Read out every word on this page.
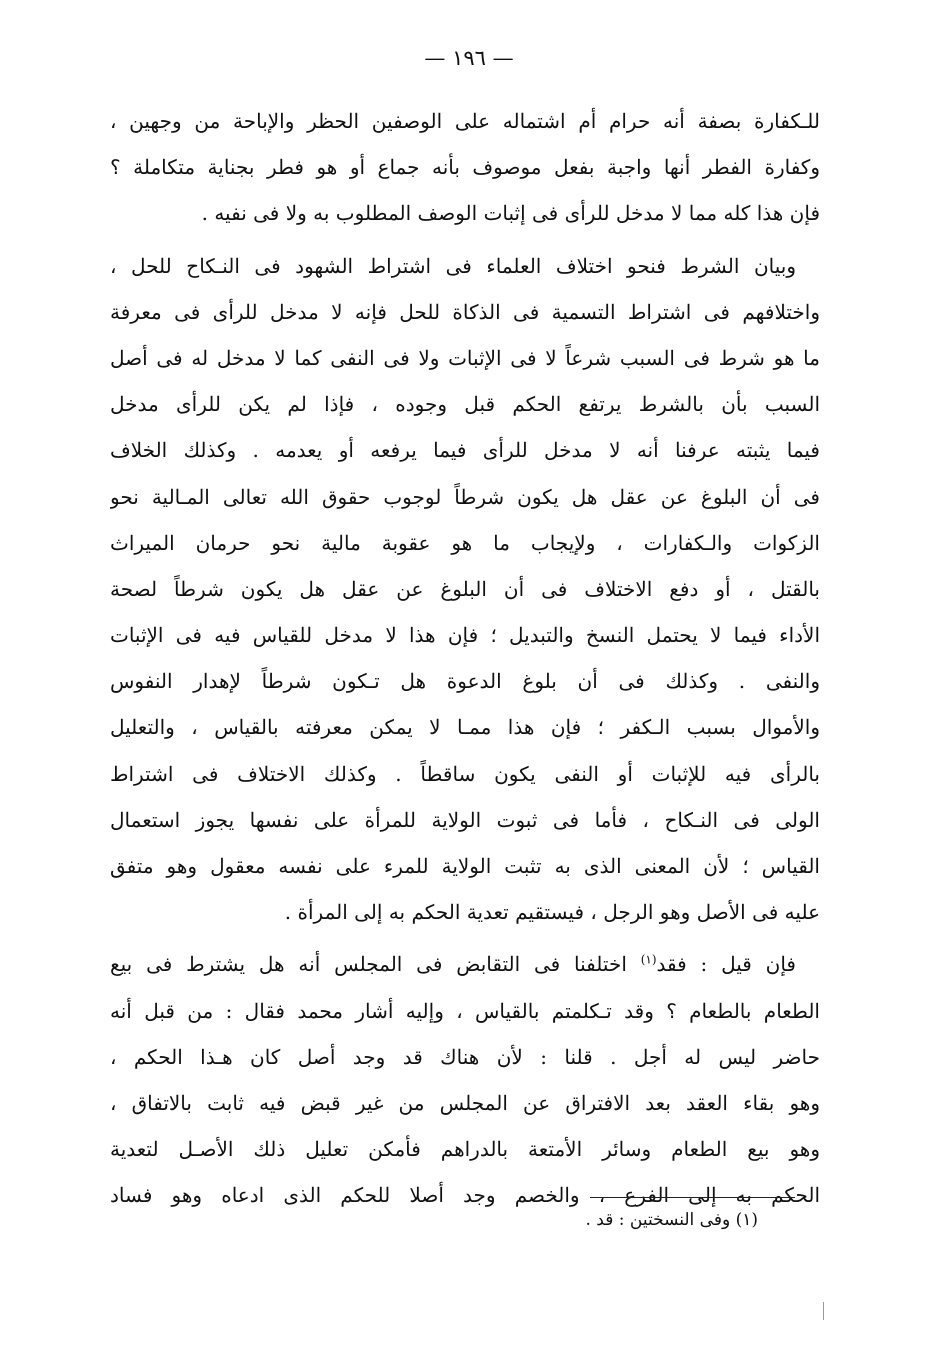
— ١٩٦ —
للـكفارة بصفة أنه حرام أم اشتماله على الوصفين الحظر والإباحة من وجهين ،
وكفارة الفطر أنها واجبة بفعل موصوف بأنه جماع أو هو فطر بجناية متكاملة ؟
فإن هذا كله مما لا مدخل للرأى فى إثبات الوصف المطلوب به ولا فى نفيه .
وبيان الشرط فنحو اختلاف العلماء فى اشتراط الشهود فى النـكاح للحل ،
واختلافهم فى اشتراط التسمية فى الذكاة للحل فإنه لا مدخل للرأى فى معرفة
ما هو شرط فى السبب شرعاً لا فى الإثبات ولا فى النفى كما لا مدخل له فى أصل
السبب بأن بالشرط يرتفع الحكم قبل وجوده ، فإذا لم يكن للرأى مدخل
فيما يثبته عرفنا أنه لا مدخل للرأى فيما يرفعه أو يعدمه . وكذلك الخلاف
فى أن البلوغ عن عقل هل يكون شرطاً لوجوب حقوق الله تعالى المـالية نحو
الزكوات والـكفارات ، ولإيجاب ما هو عقوبة مالية نحو حرمان الميراث
بالقتل ، أو دفع الاختلاف فى أن البلوغ عن عقل هل يكون شرطاً لصحة
الأداء فيما لا يحتمل النسخ والتبديل ؛ فإن هذا لا مدخل للقياس فيه فى الإثبات
والنفى . وكذلك فى أن بلوغ الدعوة هل تـكون شرطاً لإهدار النفوس
والأموال بسبب الـكفر ؛ فإن هذا ممـا لا يمكن معرفته بالقياس ، والتعليل
بالرأى فيه للإثبات أو النفى يكون ساقطاً . وكذلك الاختلاف فى اشتراط
الولى فى النـكاح ، فأما فى ثبوت الولاية للمرأة على نفسها يجوز استعمال
القياس ؛ لأن المعنى الذى به تثبت الولاية للمرء على نفسه معقول وهو متفق
عليه فى الأصل وهو الرجل ، فيستقيم تعدية الحكم به إلى المرأة .
فإن قيل : فقد$^{(١)}$ اختلفنا فى التقابض فى المجلس أنه هل يشترط فى بيع
الطعام بالطعام ؟ وقد تـكلمتم بالقياس ، وإليه أشار محمد فقال : من قبل أنه
حاضر ليس له أجل . قلنا : لأن هناك قد وجد أصل كان هـذا الحكم ،
وهو بقاء العقد بعد الافتراق عن المجلس من غير قبض فيه ثابت بالاتفاق ،
وهو بيع الطعام وسائر الأمتعة بالدراهم فأمكن تعليل ذلك الأصـل لتعدية
الحكم به إلى الفرع ، والخصم وجد أصلا للحكم الذى ادعاه وهو فساد
(١) وفى النسختين : قد .
